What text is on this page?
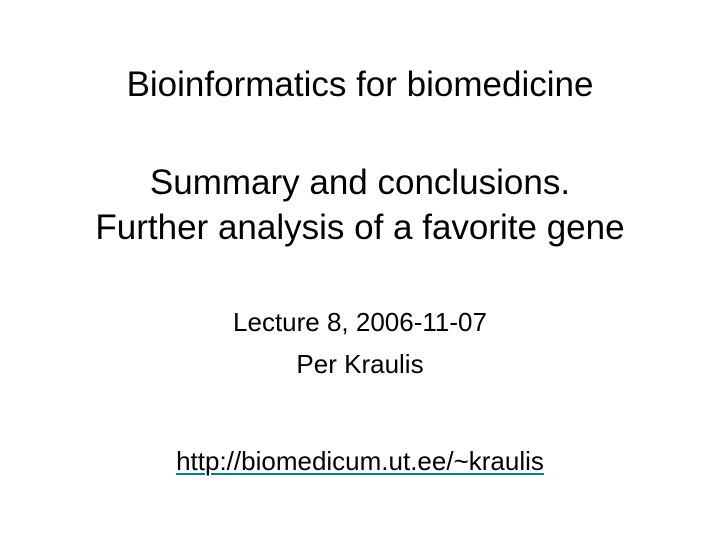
Bioinformatics for biomedicine
Summary and conclusions.
Further analysis of a favorite gene
Lecture 8, 2006-11-07
Per Kraulis
http://biomedicum.ut.ee/~kraulis
